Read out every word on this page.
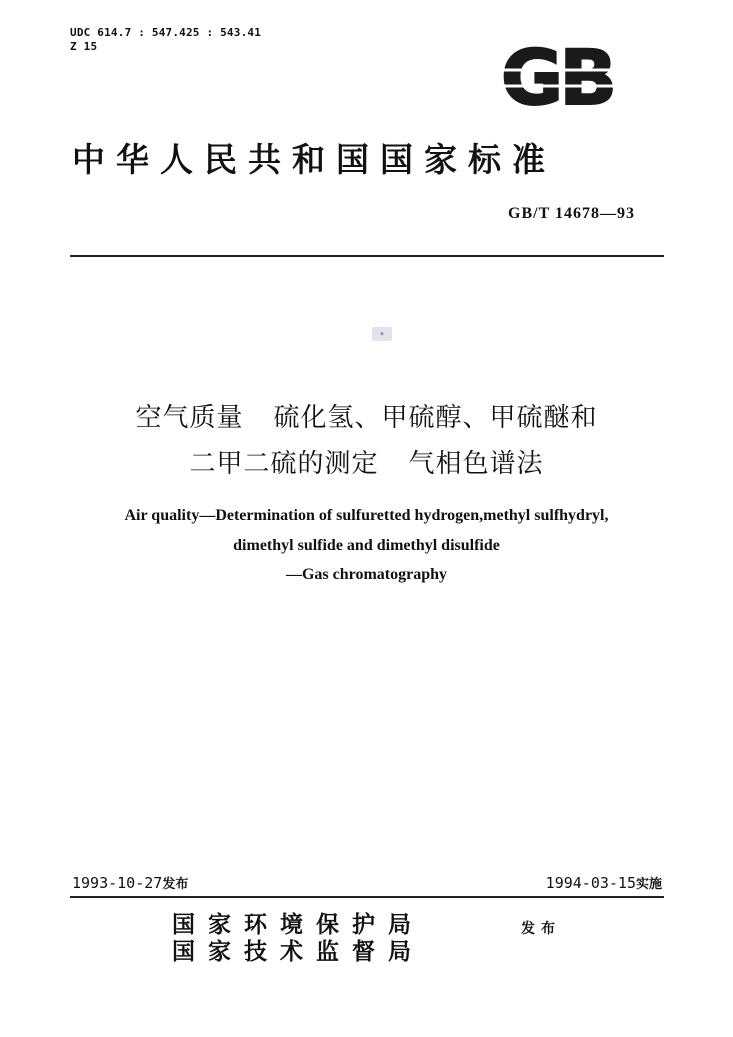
UDC 614.7 : 547.425 : 543.41
Z 15	GB
中华人民共和国国家标准
GB/T 14678—93
◆
空气质量 硫化氢、甲硫醇、甲硫醚和
二甲二硫的测定 气相色谱法
Air quality—Determination of sulfuretted hydrogen,methyl sulfhydryl,
dimethyl sulfide and dimethyl disulfide
—Gas chromatography
1993-10-27发布	1994-03-15实施
国家环境保护局
国家技术监督局
发布
